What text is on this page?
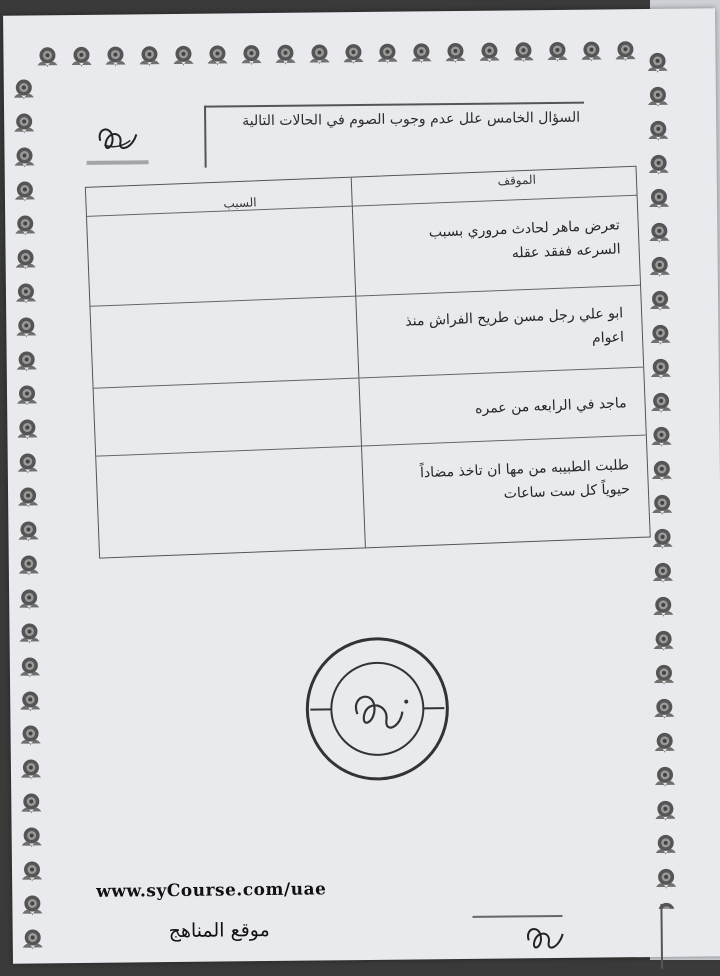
السؤال الخامس علل عدم وجوب الصوم في الحالات التالية
الموقف
السبب
تعرض ماهر لحادث مروري بسبب السرعه ففقد عقله
ابو علي رجل مسن طريح الفراش منذ اعوام
ماجد في الرابعه من عمره
طلبت الطبيبه من مها ان تاخذ مضاداً حيوياً كل ست ساعات
www.syCourse.com/uae
موقع المناهج
